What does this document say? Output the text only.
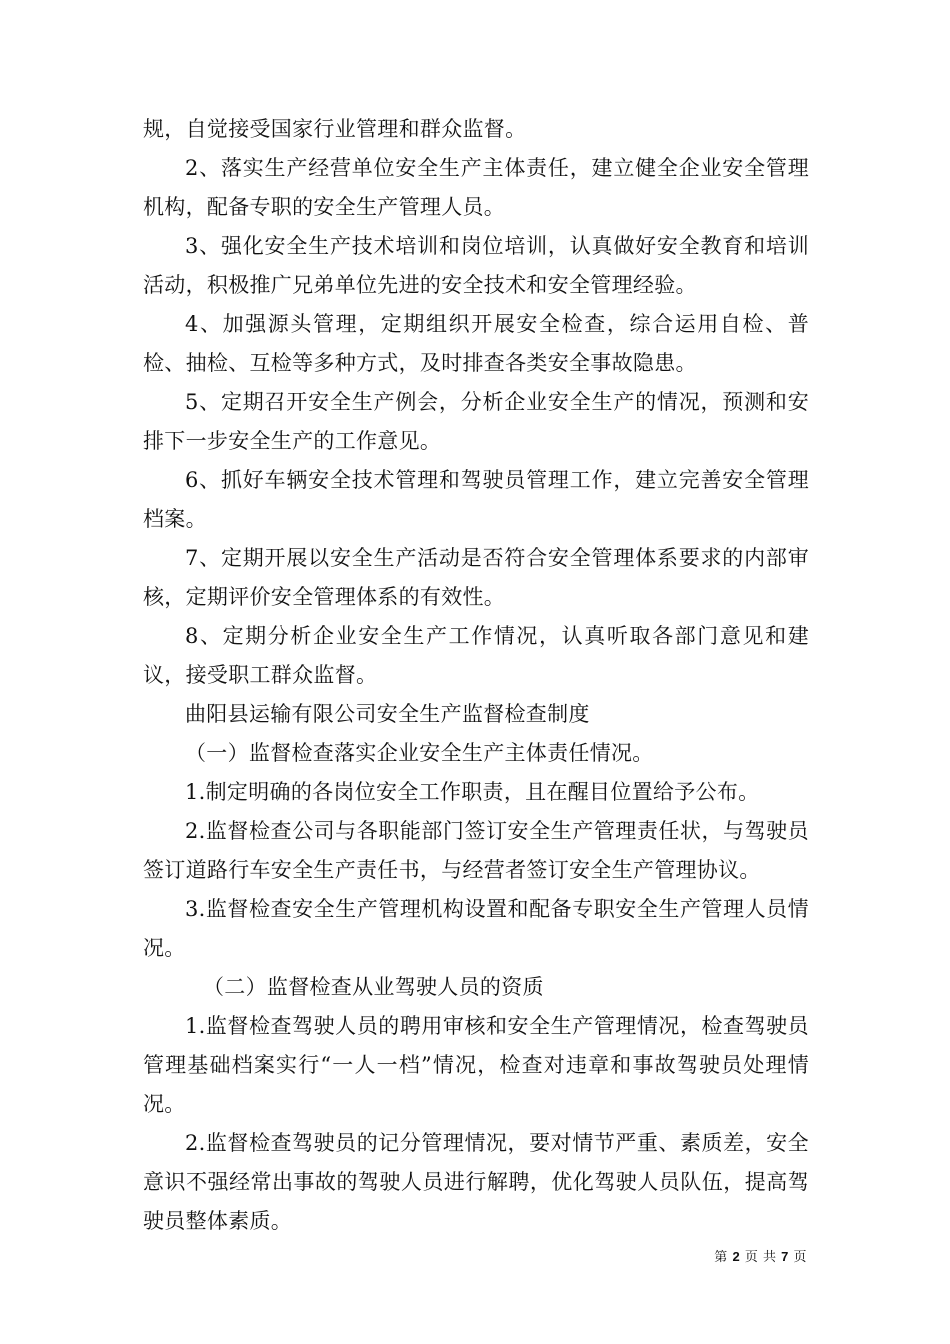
规，自觉接受国家行业管理和群众监督。

2、落实生产经营单位安全生产主体责任，建立健全企业安全管理机构，配备专职的安全生产管理人员。

3、强化安全生产技术培训和岗位培训，认真做好安全教育和培训活动，积极推广兄弟单位先进的安全技术和安全管理经验。

4、加强源头管理，定期组织开展安全检查，综合运用自检、普检、抽检、互检等多种方式，及时排查各类安全事故隐患。

5、定期召开安全生产例会，分析企业安全生产的情况，预测和安排下一步安全生产的工作意见。

6、抓好车辆安全技术管理和驾驶员管理工作，建立完善安全管理档案。

7、定期开展以安全生产活动是否符合安全管理体系要求的内部审核，定期评价安全管理体系的有效性。

8、定期分析企业安全生产工作情况，认真听取各部门意见和建议，接受职工群众监督。

曲阳县运输有限公司安全生产监督检查制度

（一）监督检查落实企业安全生产主体责任情况。

1.制定明确的各岗位安全工作职责，且在醒目位置给予公布。

2.监督检查公司与各职能部门签订安全生产管理责任状，与驾驶员签订道路行车安全生产责任书，与经营者签订安全生产管理协议。

3.监督检查安全生产管理机构设置和配备专职安全生产管理人员情况。

（二）监督检查从业驾驶人员的资质

1.监督检查驾驶人员的聘用审核和安全生产管理情况，检查驾驶员管理基础档案实行“一人一档”情况，检查对违章和事故驾驶员处理情况。

2.监督检查驾驶员的记分管理情况，要对情节严重、素质差，安全意识不强经常出事故的驾驶人员进行解聘，优化驾驶人员队伍，提高驾驶员整体素质。

第 2 页 共 7 页
